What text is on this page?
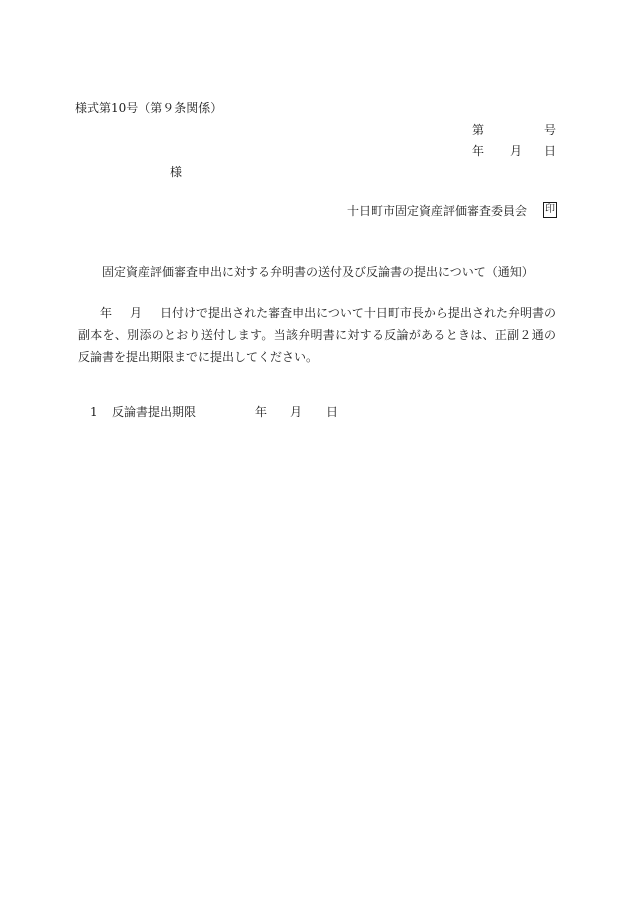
様式第10号（第９条関係）
第	号
年 月 日
様
十日町市固定資産評価審査委員会 印
固定資産評価審査申出に対する弁明書の送付及び反論書の提出について（通知）
年 月 日付けで提出された審査申出について十日町市長から提出された弁明書の副本を、別添のとおり送付します。当該弁明書に対する反論があるときは、正副２通の反論書を提出期限までに提出してください。
1 反論書提出期限	年 月 日
